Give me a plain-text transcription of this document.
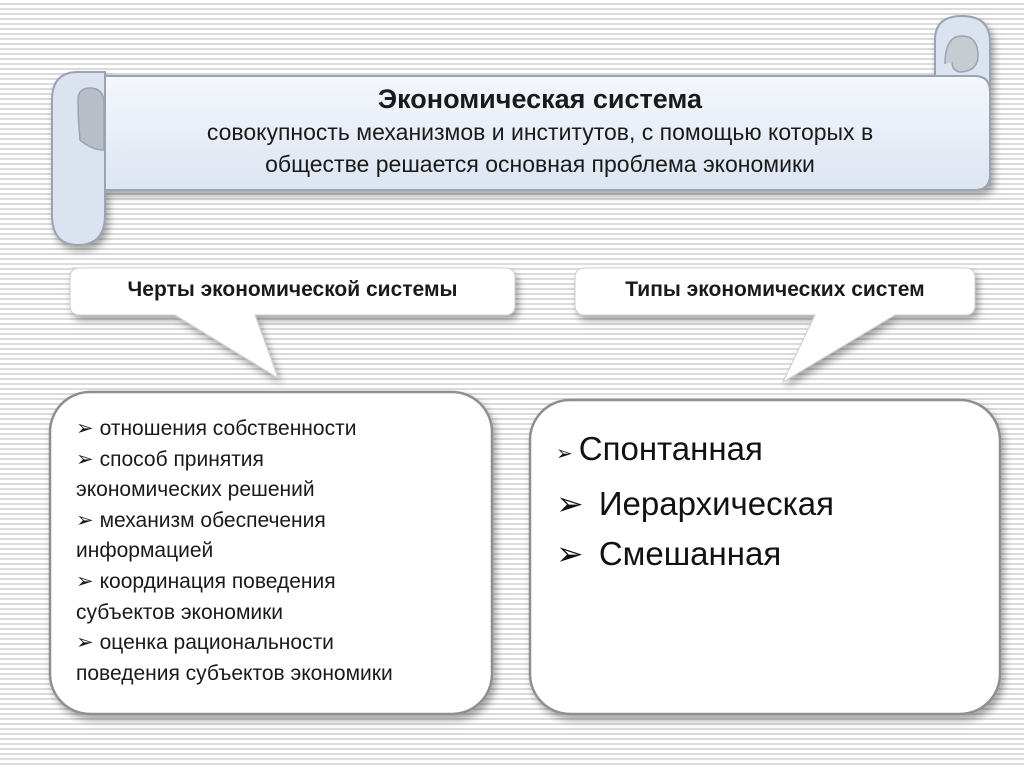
Экономическая система
совокупность механизмов и институтов, с помощью которых в
обществе решается основная проблема экономики
Черты экономической системы	Типы экономических систем
➢ отношения собственности
➢ способ принятия
экономических решений
➢ механизм обеспечения
информацией
➢ координация поведения
субъектов экономики
➢ оценка рациональности
поведения субъектов экономики
➢ Спонтанная
➢ Иерархическая
➢ Смешанная
